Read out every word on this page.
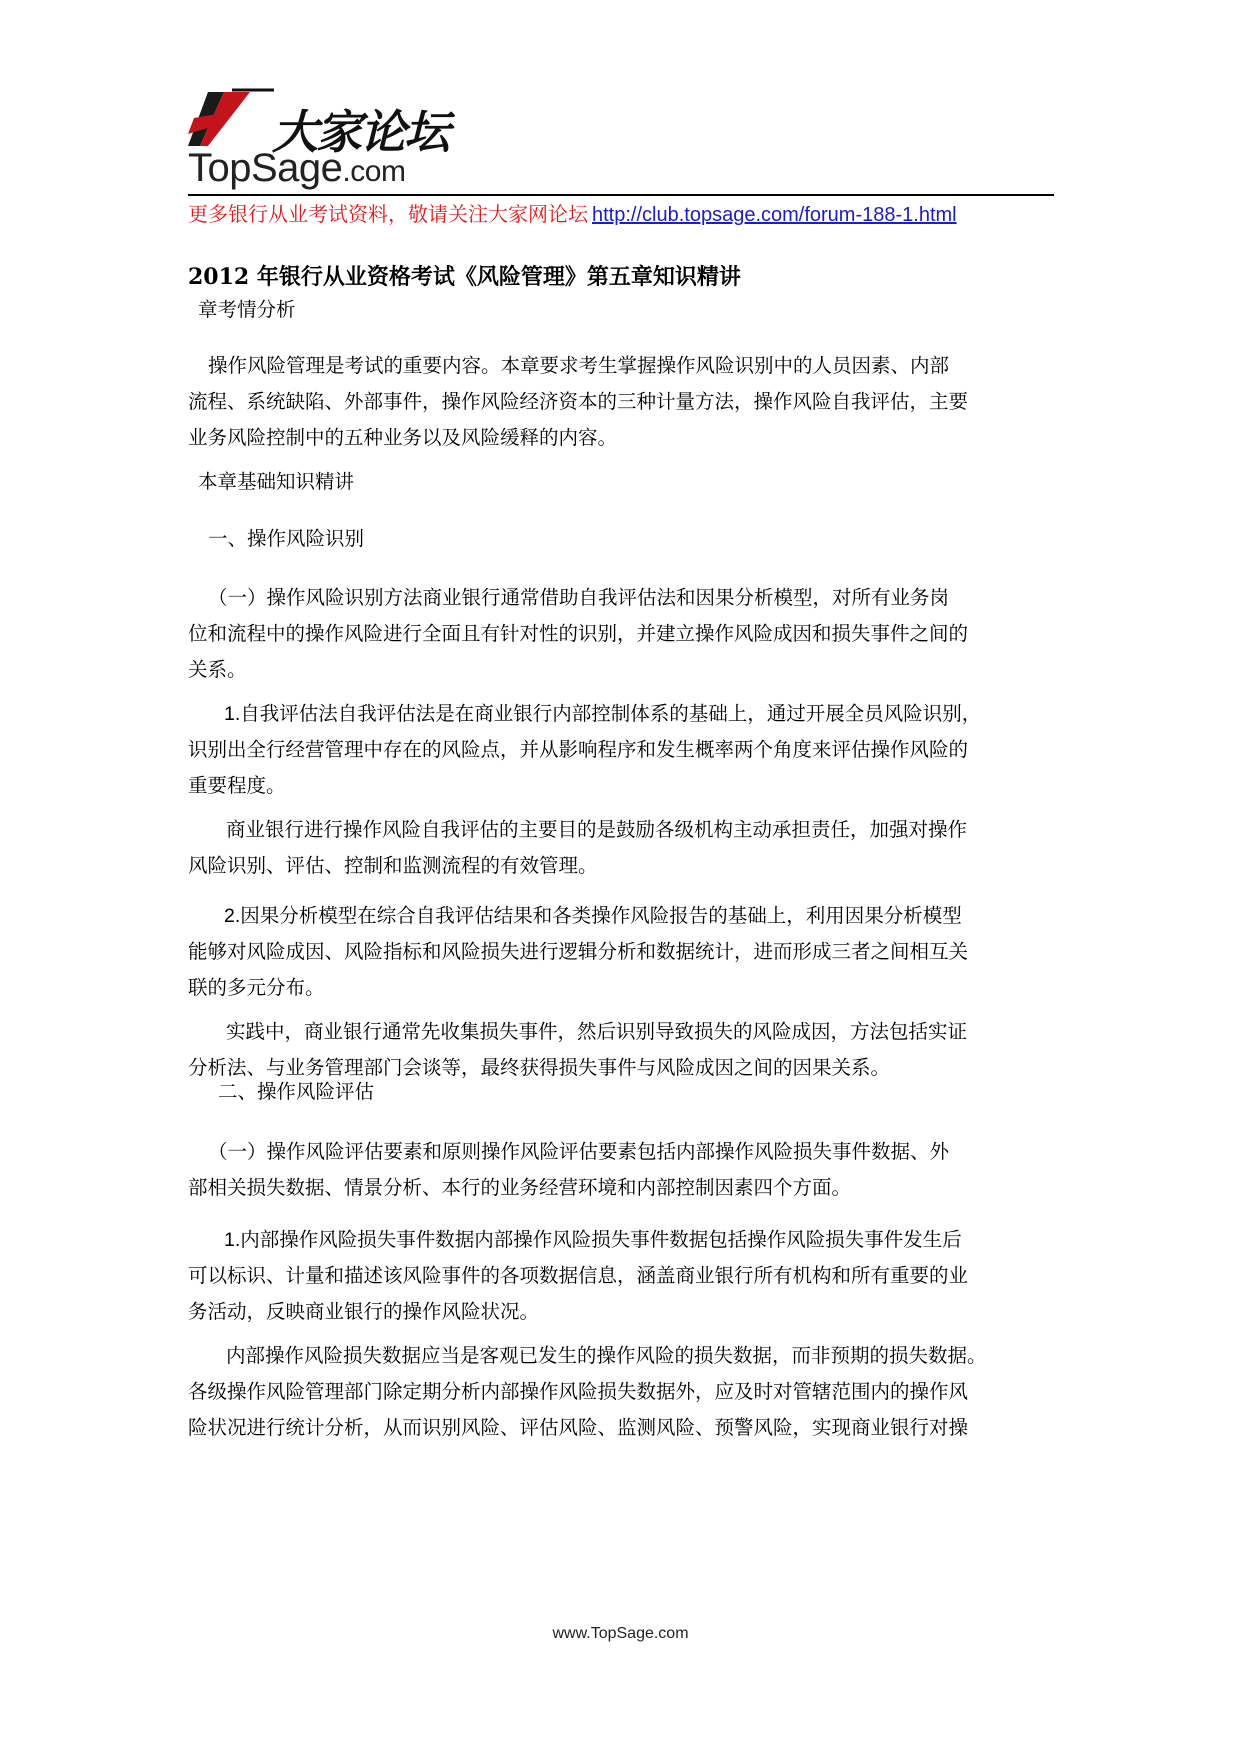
大家论坛
TopSage.com
更多银行从业考试资料，敬请关注大家网论坛 http://club.topsage.com/forum-188-1.html
2012 年银行从业资格考试《风险管理》第五章知识精讲

章考情分析

操作风险管理是考试的重要内容。本章要求考生掌握操作风险识别中的人员因素、内部
流程、系统缺陷、外部事件，操作风险经济资本的三种计量方法，操作风险自我评估，主要
业务风险控制中的五种业务以及风险缓释的内容。

本章基础知识精讲

一、操作风险识别

（一）操作风险识别方法商业银行通常借助自我评估法和因果分析模型，对所有业务岗
位和流程中的操作风险进行全面且有针对性的识别，并建立操作风险成因和损失事件之间的
关系。

1.自我评估法自我评估法是在商业银行内部控制体系的基础上，通过开展全员风险识别，
识别出全行经营管理中存在的风险点，并从影响程序和发生概率两个角度来评估操作风险的
重要程度。

商业银行进行操作风险自我评估的主要目的是鼓励各级机构主动承担责任，加强对操作
风险识别、评估、控制和监测流程的有效管理。

2.因果分析模型在综合自我评估结果和各类操作风险报告的基础上，利用因果分析模型
能够对风险成因、风险指标和风险损失进行逻辑分析和数据统计，进而形成三者之间相互关
联的多元分布。

实践中，商业银行通常先收集损失事件，然后识别导致损失的风险成因，方法包括实证
分析法、与业务管理部门会谈等，最终获得损失事件与风险成因之间的因果关系。

二、操作风险评估

（一）操作风险评估要素和原则操作风险评估要素包括内部操作风险损失事件数据、外
部相关损失数据、情景分析、本行的业务经营环境和内部控制因素四个方面。

1.内部操作风险损失事件数据内部操作风险损失事件数据包括操作风险损失事件发生后
可以标识、计量和描述该风险事件的各项数据信息，涵盖商业银行所有机构和所有重要的业
务活动，反映商业银行的操作风险状况。

内部操作风险损失数据应当是客观已发生的操作风险的损失数据，而非预期的损失数据。
各级操作风险管理部门除定期分析内部操作风险损失数据外，应及时对管辖范围内的操作风
险状况进行统计分析，从而识别风险、评估风险、监测风险、预警风险，实现商业银行对操

www.TopSage.com
